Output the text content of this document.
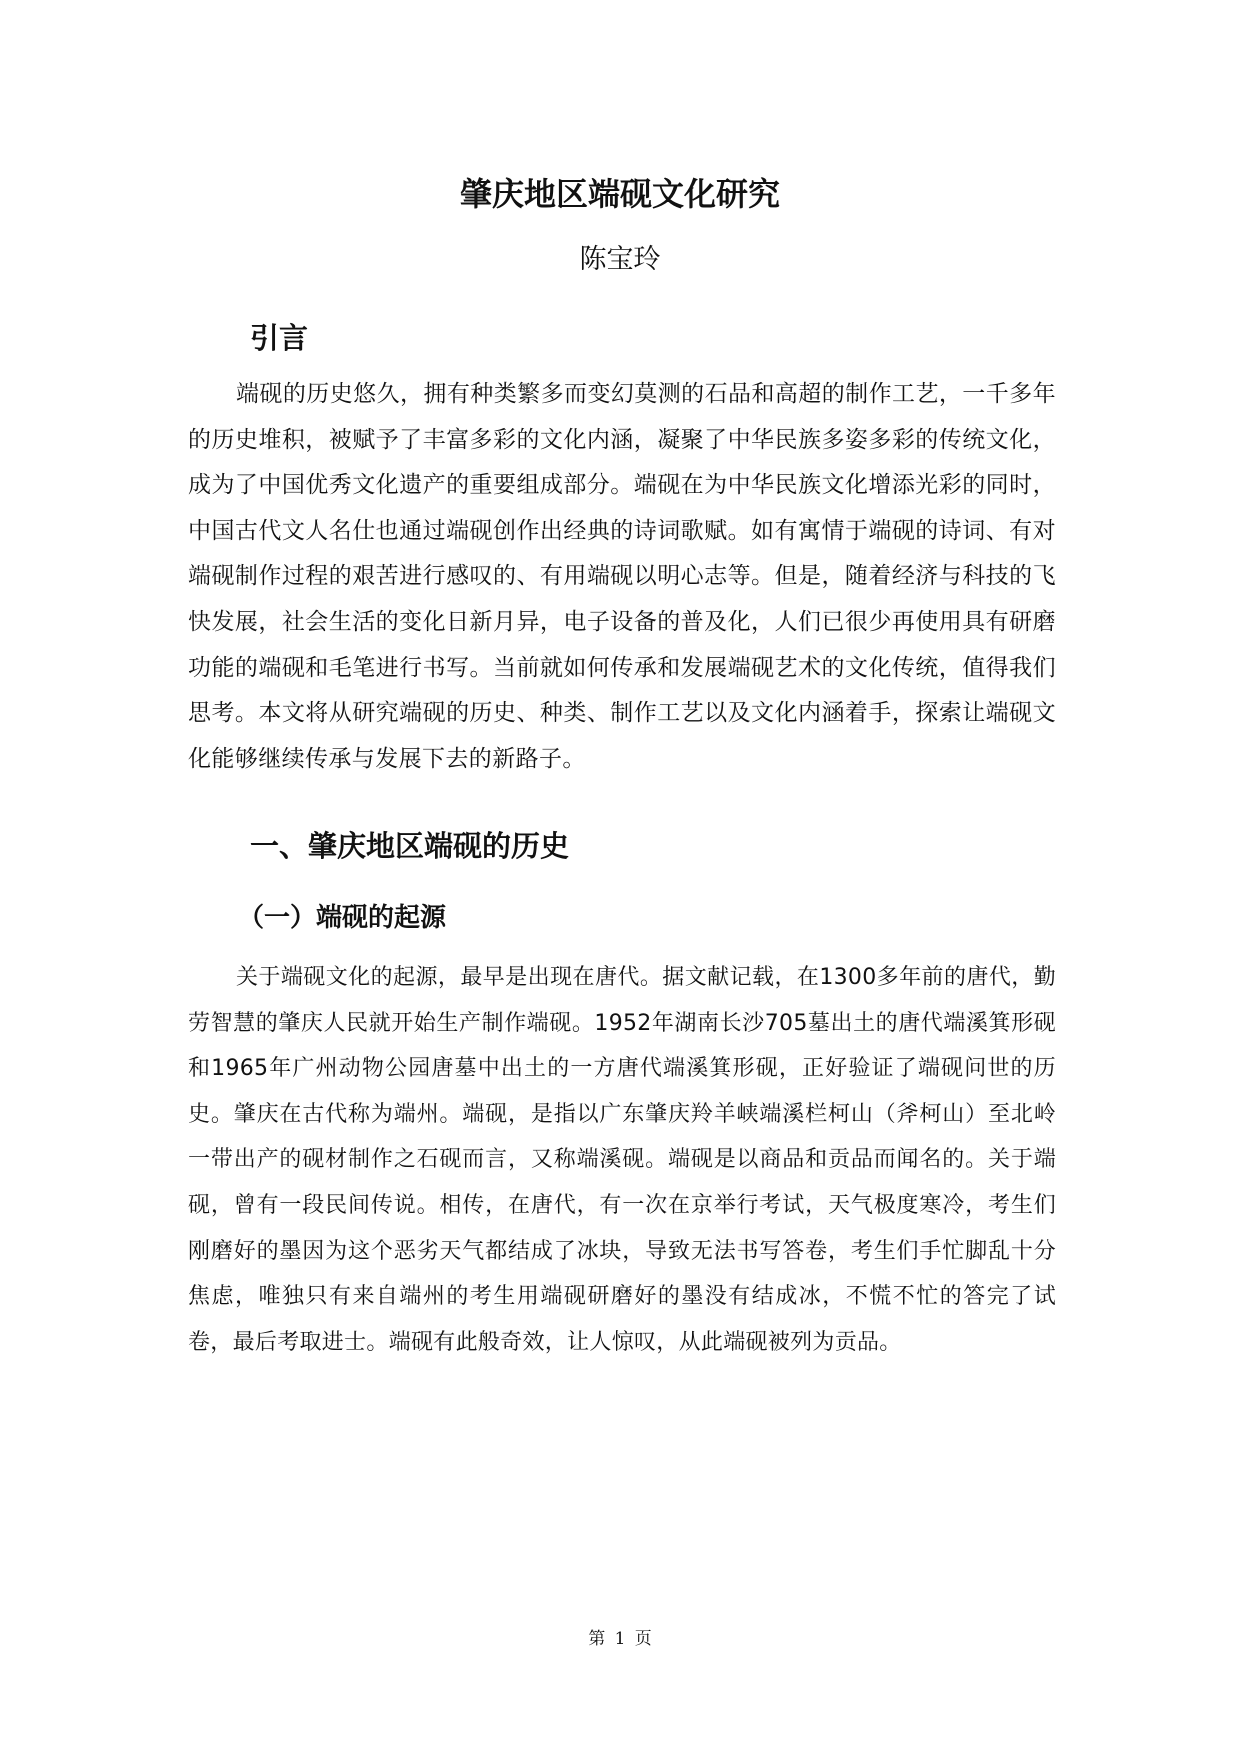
肇庆地区端砚文化研究

陈宝玲

引言

端砚的历史悠久，拥有种类繁多而变幻莫测的石品和高超的制作工艺，一千多年的历史堆积，被赋予了丰富多彩的文化内涵，凝聚了中华民族多姿多彩的传统文化，成为了中国优秀文化遗产的重要组成部分。端砚在为中华民族文化增添光彩的同时，中国古代文人名仕也通过端砚创作出经典的诗词歌赋。如有寓情于端砚的诗词、有对端砚制作过程的艰苦进行感叹的、有用端砚以明心志等。但是，随着经济与科技的飞快发展，社会生活的变化日新月异，电子设备的普及化，人们已很少再使用具有研磨功能的端砚和毛笔进行书写。当前就如何传承和发展端砚艺术的文化传统，值得我们思考。本文将从研究端砚的历史、种类、制作工艺以及文化内涵着手，探索让端砚文化能够继续传承与发展下去的新路子。

一、肇庆地区端砚的历史
（一）端砚的起源

关于端砚文化的起源，最早是出现在唐代。据文献记载，在1300多年前的唐代，勤劳智慧的肇庆人民就开始生产制作端砚。1952年湖南长沙705墓出土的唐代端溪箕形砚和1965年广州动物公园唐墓中出土的一方唐代端溪箕形砚，正好验证了端砚问世的历史。肇庆在古代称为端州。端砚，是指以广东肇庆羚羊峡端溪栏柯山（斧柯山）至北岭一带出产的砚材制作之石砚而言，又称端溪砚。端砚是以商品和贡品而闻名的。关于端砚，曾有一段民间传说。相传，在唐代，有一次在京举行考试，天气极度寒冷，考生们刚磨好的墨因为这个恶劣天气都结成了冰块，导致无法书写答卷，考生们手忙脚乱十分焦虑，唯独只有来自端州的考生用端砚研磨好的墨没有结成冰，不慌不忙的答完了试卷，最后考取进士。端砚有此般奇效，让人惊叹，从此端砚被列为贡品。

第 1 页
